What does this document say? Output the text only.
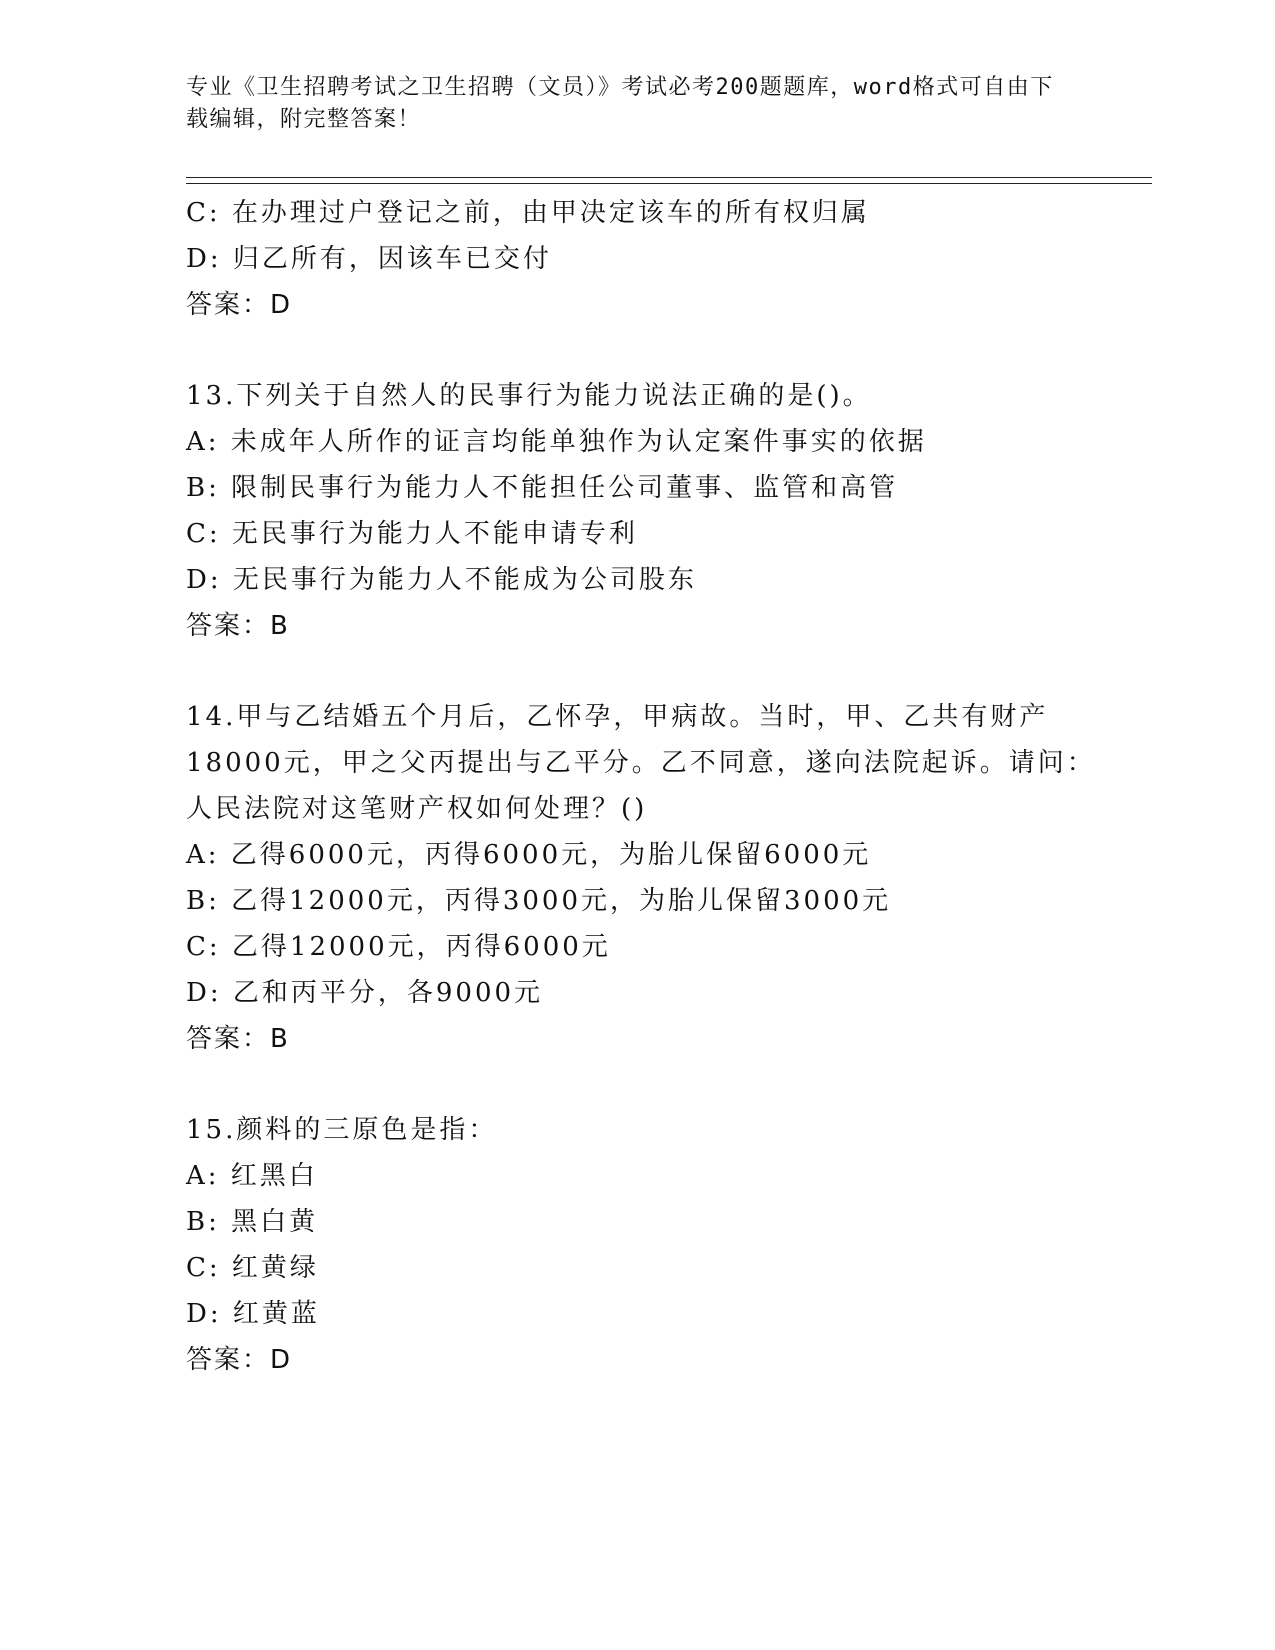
专业《卫生招聘考试之卫生招聘（文员）》考试必考200题题库，word格式可自由下载编辑，附完整答案！
C: 在办理过户登记之前，由甲决定该车的所有权归属
D: 归乙所有，因该车已交付
答案：D
13.下列关于自然人的民事行为能力说法正确的是()。
A: 未成年人所作的证言均能单独作为认定案件事实的依据
B: 限制民事行为能力人不能担任公司董事、监管和高管
C: 无民事行为能力人不能申请专利
D: 无民事行为能力人不能成为公司股东
答案：B
14.甲与乙结婚五个月后，乙怀孕，甲病故。当时，甲、乙共有财产
18000元，甲之父丙提出与乙平分。乙不同意，遂向法院起诉。请问：
人民法院对这笔财产权如何处理？()
A: 乙得6000元，丙得6000元，为胎儿保留6000元
B: 乙得12000元，丙得3000元，为胎儿保留3000元
C: 乙得12000元，丙得6000元
D: 乙和丙平分，各9000元
答案：B
15.颜料的三原色是指：
A: 红黑白
B: 黑白黄
C: 红黄绿
D: 红黄蓝
答案：D
